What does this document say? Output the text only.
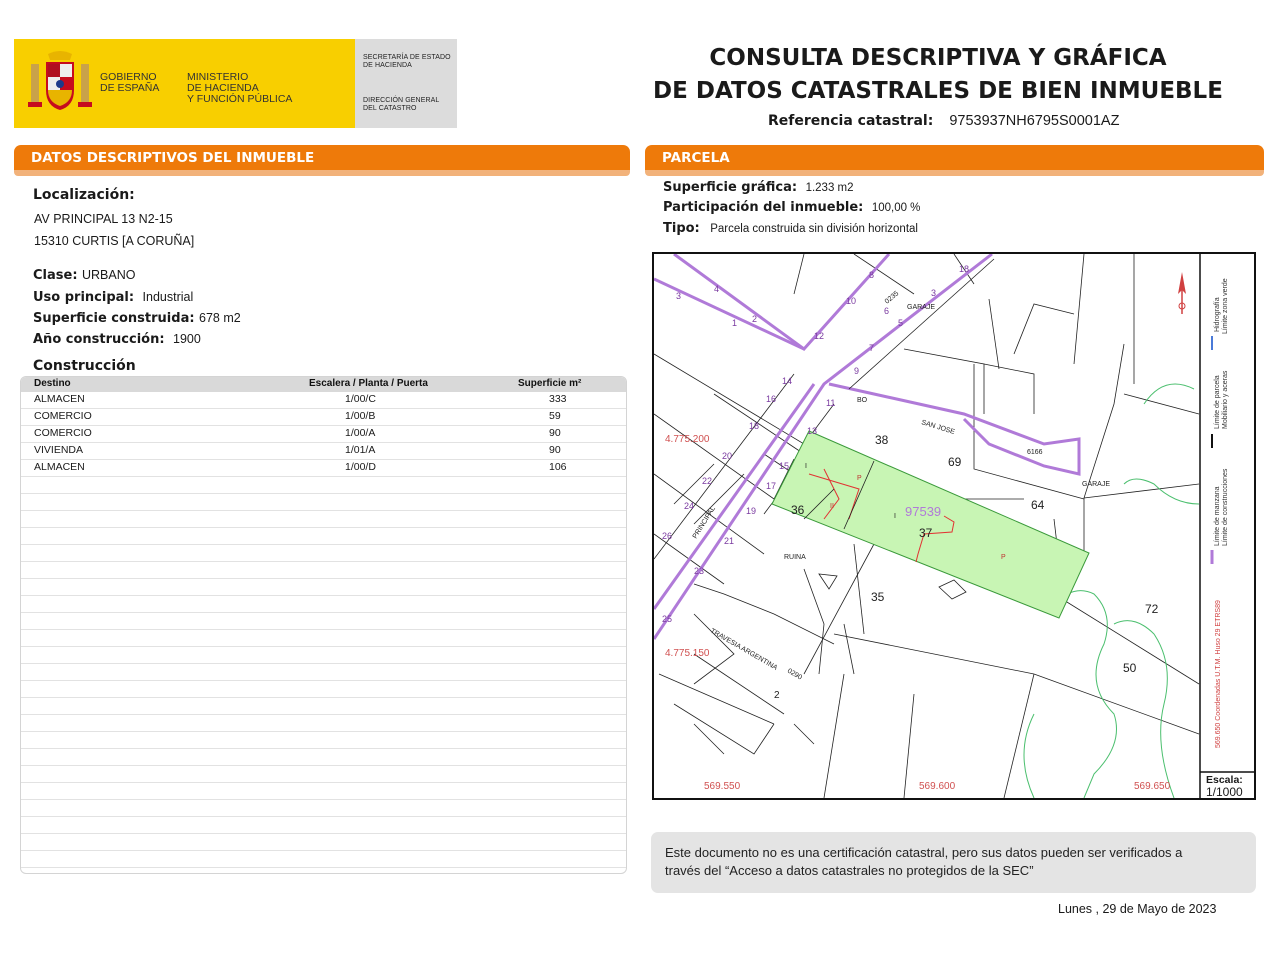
GOBIERNO
DE ESPAÑA
MINISTERIO
DE HACIENDA
Y FUNCIÓN PÚBLICA
SECRETARÍA DE ESTADO
DE HACIENDA
DIRECCIÓN GENERAL
DEL CATASTRO
CONSULTA DESCRIPTIVA Y GRÁFICA
DE DATOS CATASTRALES DE BIEN INMUEBLE
Referencia catastral: 9753937NH6795S0001AZ
DATOS DESCRIPTIVOS DEL INMUEBLE
Localización:
AV PRINCIPAL 13 N2-15
15310 CURTIS [A CORUÑA]
Clase: URBANO
Uso principal: Industrial
Superficie construida: 678 m2
Año construcción: 1900
Construcción
Destino	Escalera / Planta / Puerta	Superficie m²
ALMACEN	1/00/C	333
COMERCIO	1/00/B	59
COMERCIO	1/00/A	90
VIVIENDA	1/01/A	90
ALMACEN	1/00/D	106
PARCELA
Superficie gráfica: 1.233 m2
Participación del inmueble: 100,00 %
Tipo: Parcela construida sin división horizontal
3
4
1 2
12
10
8
6
5
9
7
11
14
16
18
20
22
24
26
13
15
17
19
21
23
25
3
18
38
69
64
36
37
35
72
50
2
97539
RUINA
GARAJE
GARAJE
6166
0235
BO
SAN JOSE
PRINCIPAL
TRAVESIA ARGENTINA
0290
P
P
I
I
II
4.775.200
4.775.150
569.550	569.600	569.650
Límite de manzana Límite de construcciones
Límite de parcela Mobiliario y aceras
Hidrografía Límite zona verde
569.650 Coordenadas U.T.M. Huso 29 ETRS89
Escala:
1/1000
Este documento no es una certificación catastral, pero sus datos pueden ser verificados a
través del “Acceso a datos catastrales no protegidos de la SEC”
Lunes , 29 de Mayo de 2023
